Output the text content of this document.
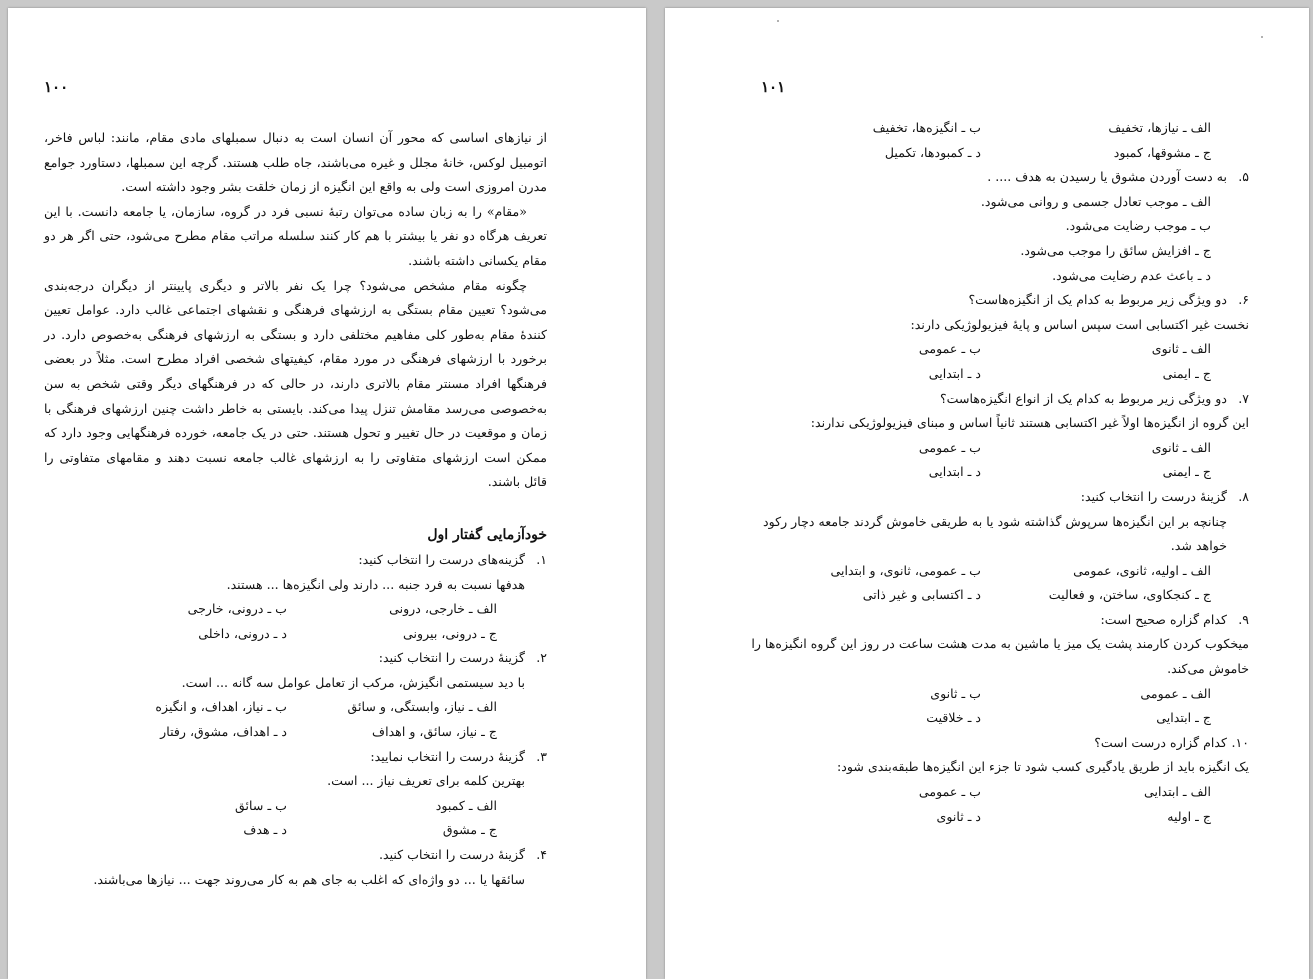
۱۰۰

از نیازهای اساسی که محور آن انسان است به دنبال سمبلهای مادی مقام، مانند: لباس فاخر، اتومبیل لوکس، خانهٔ مجلل و غیره می‌باشند، جاه طلب هستند. گرچه این سمبلها، دستاورد جوامع مدرن امروزی است ولی به واقع این انگیزه از زمان خلقت بشر وجود داشته است.

«مقام» را به زبان ساده می‌توان رتبهٔ نسبی فرد در گروه، سازمان، یا جامعه دانست. با این تعریف هرگاه دو نفر یا بیشتر با هم کار کنند سلسله مراتب مقام مطرح می‌شود، حتی اگر هر دو مقام یکسانی داشته باشند.

چگونه مقام مشخص می‌شود؟ چرا یک نفر بالاتر و دیگری پایینتر از دیگران درجه‌بندی می‌شود؟ تعیین مقام بستگی به ارزشهای فرهنگی و نقشهای اجتماعی غالب دارد. عوامل تعیین کنندهٔ مقام به‌طور کلی مفاهیم مختلفی دارد و بستگی به ارزشهای فرهنگی به‌خصوص دارد. در برخورد با ارزشهای فرهنگی در مورد مقام، کیفیتهای شخصی افراد مطرح است. مثلاً در بعضی فرهنگها افراد مسنتر مقام بالاتری دارند، در حالی که در فرهنگهای دیگر وقتی شخص به سن به‌خصوصی می‌رسد مقامش تنزل پیدا می‌کند. بایستی به خاطر داشت چنین ارزشهای فرهنگی با زمان و موقعیت در حال تغییر و تحول هستند. حتی در یک جامعه، خورده فرهنگهایی وجود دارد که ممکن است ارزشهای متفاوتی را به ارزشهای غالب جامعه نسبت دهند و مقامهای متفاوتی را قائل باشند.

خودآزمایی گفتار اول

۱.
گزینه‌های درست را انتخاب کنید:

هدفها نسبت به فرد جنبه ... دارند ولی انگیزه‌ها ... هستند.

الف ـ خارجی، درونی
ب ـ درونی، خارجی
ج ـ درونی، بیرونی
د ـ درونی، داخلی
۲.
گزینهٔ درست را انتخاب کنید:

با دید سیستمی انگیزش، مرکب از تعامل عوامل سه گانه ... است.

الف ـ نیاز، وابستگی، و سائق
ب ـ نیاز، اهداف، و انگیزه
ج ـ نیاز، سائق، و اهداف
د ـ اهداف، مشوق، رفتار
۳.
گزینهٔ درست را انتخاب نمایید:

بهترین کلمه برای تعریف نیاز ... است.

الف ـ کمبود
ب ـ سائق
ج ـ مشوق
د ـ هدف
۴.
گزینهٔ درست را انتخاب کنید.

سائقها یا ... دو واژه‌ای که اغلب به جای هم به کار می‌روند جهت ... نیازها می‌باشند.

۱۰۱
الف ـ نیازها، تخفیف
ب ـ انگیزه‌ها، تخفیف
ج ـ مشوقها، کمبود
د ـ کمبودها، تکمیل
۵.
به دست آوردن مشوق یا رسیدن به هدف .... .

الف ـ موجب تعادل جسمی و روانی می‌شود.

ب ـ موجب رضایت می‌شود.

ج ـ افزایش سائق را موجب می‌شود.

د ـ باعث عدم رضایت می‌شود.

۶.
دو ویژگی زیر مربوط به کدام یک از انگیزه‌هاست؟

نخست غیر اکتسابی است سپس اساس و پایهٔ فیزیولوژیکی دارند:

الف ـ ثانوی
ب ـ عمومی
ج ـ ایمنی
د ـ ابتدایی
۷.
دو ویژگی زیر مربوط به کدام یک از انواع انگیزه‌هاست؟

این گروه از انگیزه‌ها اولاً غیر اکتسابی هستند ثانیاً اساس و مبنای فیزیولوژیکی ندارند:

الف ـ ثانوی
ب ـ عمومی
ج ـ ایمنی
د ـ ابتدایی
۸.
گزینهٔ درست را انتخاب کنید:

چنانچه بر این انگیزه‌ها سرپوش گذاشته شود یا به طریقی خاموش گردند جامعه دچار رکود خواهد شد.

الف ـ اولیه، ثانوی، عمومی
ب ـ عمومی، ثانوی، و ابتدایی
ج ـ کنجکاوی، ساختن، و فعالیت
د ـ اکتسابی و غیر ذاتی
۹.
کدام گزاره صحیح است:

میخکوب کردن کارمند پشت یک میز یا ماشین به مدت هشت ساعت در روز این گروه انگیزه‌ها را خاموش می‌کند.

الف ـ عمومی
ب ـ ثانوی
ج ـ ابتدایی
د ـ خلاقیت
۱۰.
کدام گزاره درست است؟

یک انگیزه باید از طریق یادگیری کسب شود تا جزء این انگیزه‌ها طبقه‌بندی شود:

الف ـ ابتدایی
ب ـ عمومی
ج ـ اولیه
د ـ ثانوی
